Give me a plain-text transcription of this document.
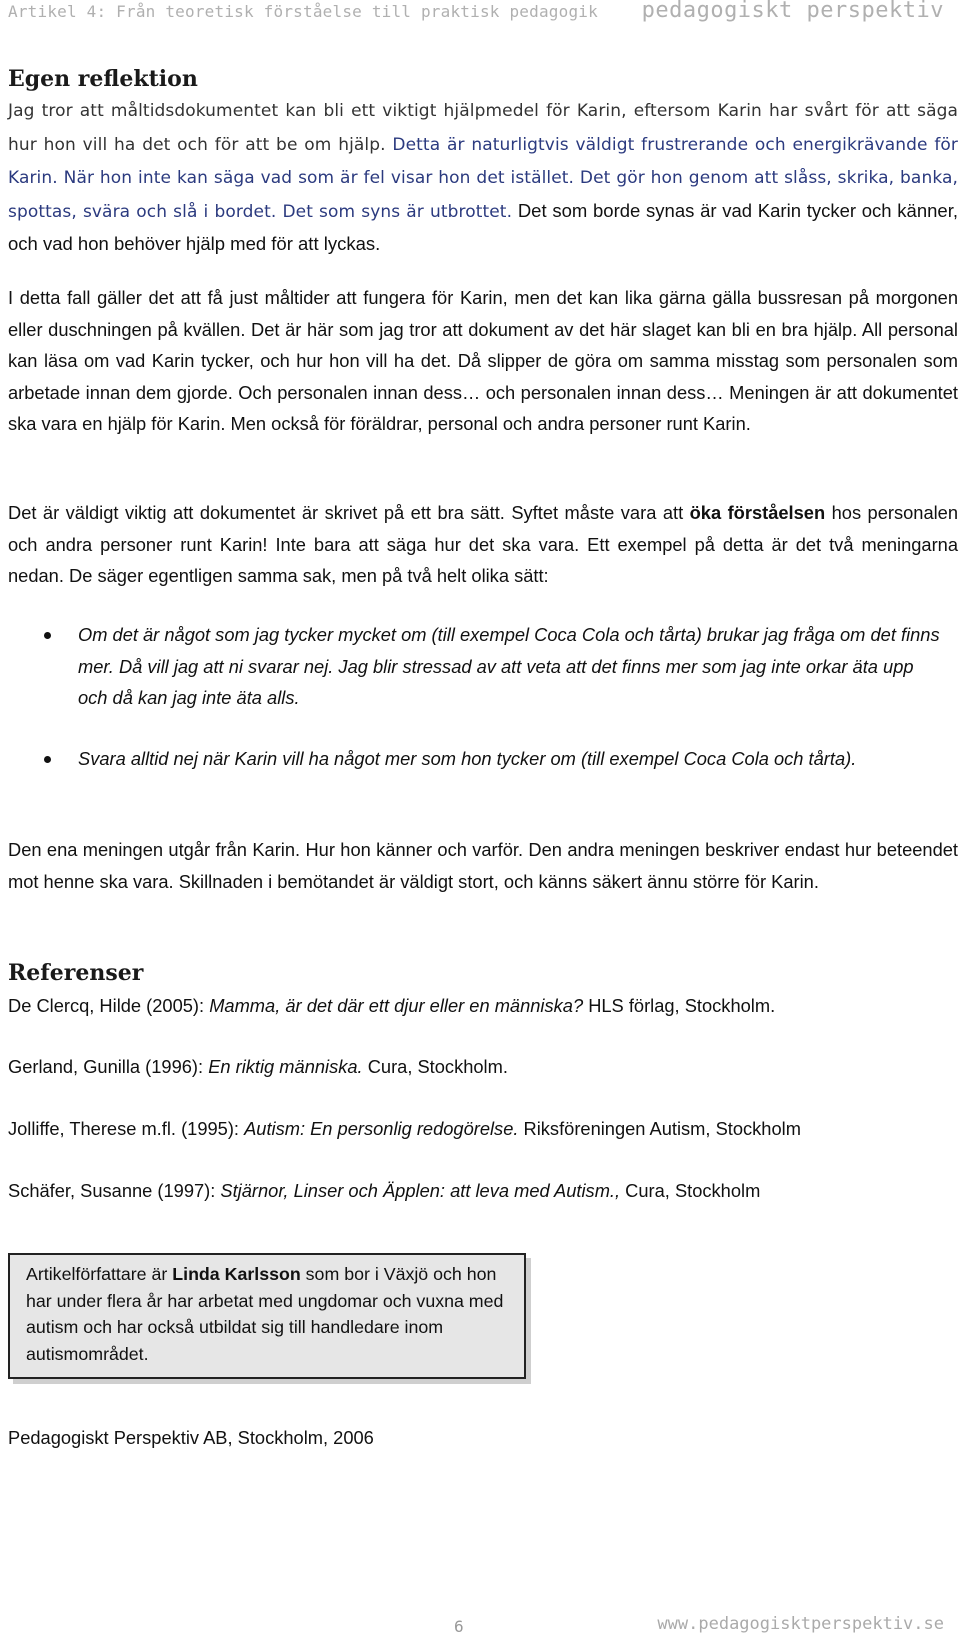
Artikel 4: Från teoretisk förståelse till praktisk pedagogik pedagogiskt perspektiv
Egen reflektion
Jag tror att måltidsdokumentet kan bli ett viktigt hjälpmedel för Karin, eftersom Karin har svårt för att säga hur hon vill ha det och för att be om hjälp. Detta är naturligtvis väldigt frustrerande och energikrävande för Karin. När hon inte kan säga vad som är fel visar hon det istället. Det gör hon genom att slåss, skrika, banka, spottas, svära och slå i bordet. Det som syns är utbrottet. Det som borde synas är vad Karin tycker och känner, och vad hon behöver hjälp med för att lyckas.
I detta fall gäller det att få just måltider att fungera för Karin, men det kan lika gärna gälla bussresan på morgonen eller duschningen på kvällen. Det är här som jag tror att dokument av det här slaget kan bli en bra hjälp. All personal kan läsa om vad Karin tycker, och hur hon vill ha det. Då slipper de göra om samma misstag som personalen som arbetade innan dem gjorde. Och personalen innan dess… och personalen innan dess… Meningen är att dokumentet ska vara en hjälp för Karin. Men också för föräldrar, personal och andra personer runt Karin.
Det är väldigt viktig att dokumentet är skrivet på ett bra sätt. Syftet måste vara att öka förståelsen hos personalen och andra personer runt Karin! Inte bara att säga hur det ska vara. Ett exempel på detta är det två meningarna nedan. De säger egentligen samma sak, men på två helt olika sätt:
Om det är något som jag tycker mycket om (till exempel Coca Cola och tårta) brukar jag fråga om det finns mer. Då vill jag att ni svarar nej. Jag blir stressad av att veta att det finns mer som jag inte orkar äta upp och då kan jag inte äta alls.
Svara alltid nej när Karin vill ha något mer som hon tycker om (till exempel Coca Cola och tårta).
Den ena meningen utgår från Karin. Hur hon känner och varför. Den andra meningen beskriver endast hur beteendet mot henne ska vara. Skillnaden i bemötandet är väldigt stort, och känns säkert ännu större för Karin.
Referenser
De Clercq, Hilde (2005): Mamma, är det där ett djur eller en människa? HLS förlag, Stockholm.
Gerland, Gunilla (1996): En riktig människa. Cura, Stockholm.
Jolliffe, Therese m.fl. (1995): Autism: En personlig redogörelse. Riksföreningen Autism, Stockholm
Schäfer, Susanne (1997): Stjärnor, Linser och Äpplen: att leva med Autism., Cura, Stockholm
Artikelförfattare är Linda Karlsson som bor i Växjö och hon har under flera år har arbetat med ungdomar och vuxna med autism och har också utbildat sig till handledare inom autismområdet.
Pedagogiskt Perspektiv AB, Stockholm, 2006
6	www.pedagogiskt​perspektiv.se
